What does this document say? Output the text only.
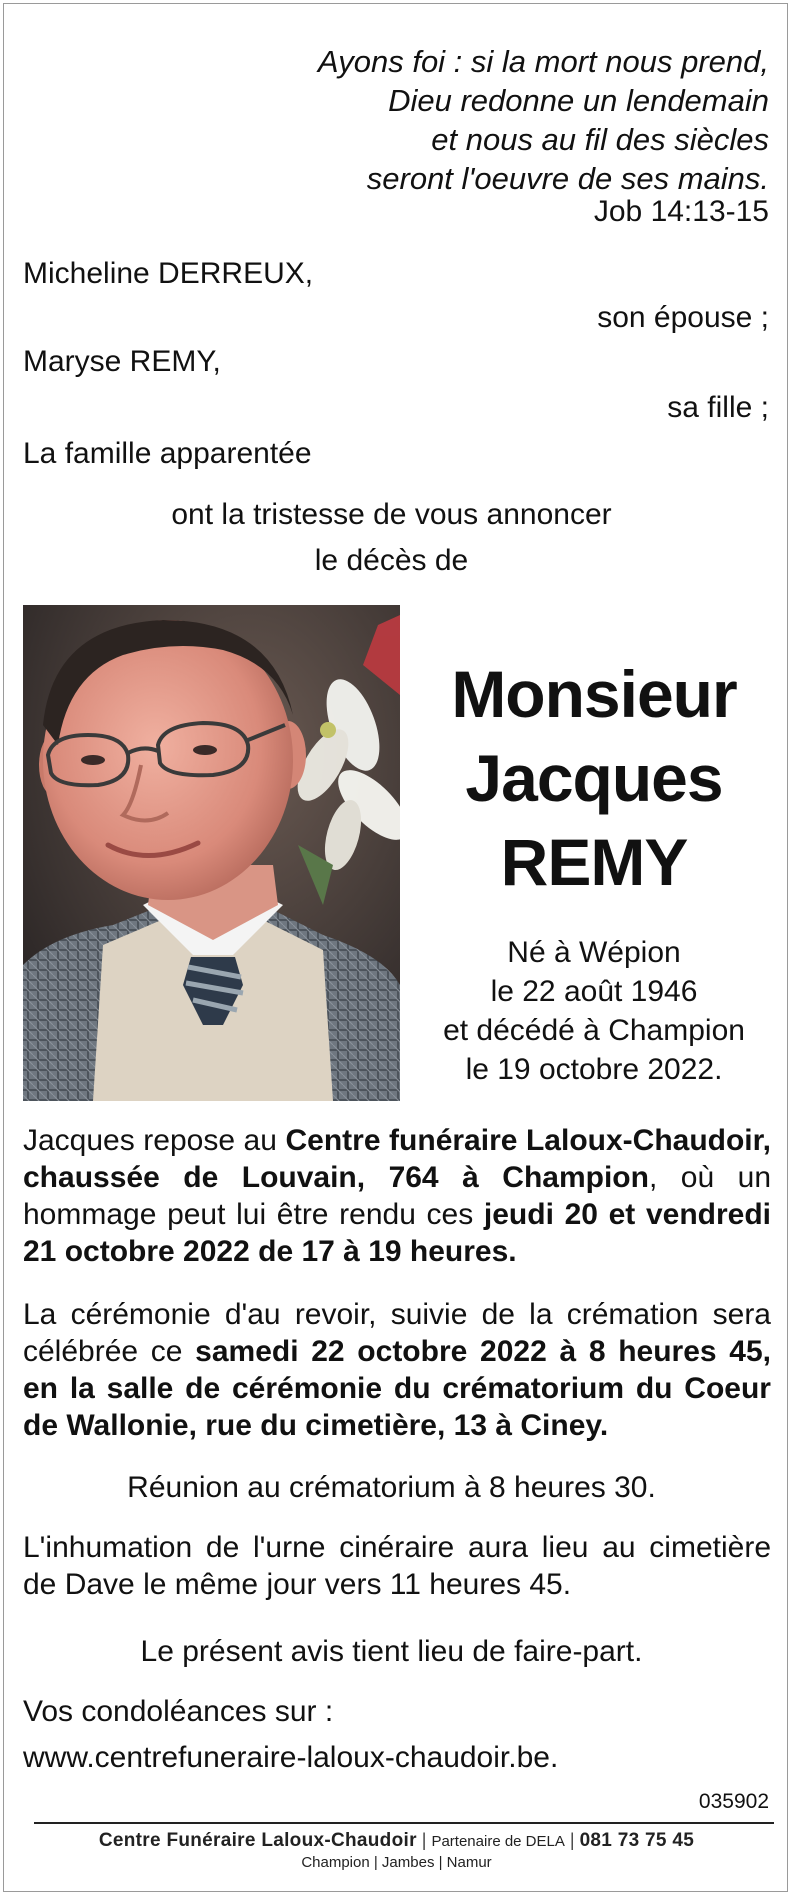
Ayons foi : si la mort nous prend,
Dieu redonne un lendemain
et nous au fil des siècles
seront l'oeuvre de ses mains.
Job 14:13-15
Micheline DERREUX,
son épouse ;
Maryse REMY,
sa fille ;
La famille apparentée
ont la tristesse de vous annoncer
le décès de
Monsieur
Jacques
REMY
Né à Wépion
le 22 août 1946
et décédé à Champion
le 19 octobre 2022.
Jacques repose au Centre funéraire Laloux-Chaudoir, chaussée de Louvain, 764 à Champion, où un hommage peut lui être rendu ces jeudi 20 et vendredi 21 octobre 2022 de 17 à 19 heures.
La cérémonie d'au revoir, suivie de la crémation sera célébrée ce samedi 22 octobre 2022 à 8 heures 45, en la salle de cérémonie du crématorium du Coeur de Wallonie, rue du cimetière, 13 à Ciney.
Réunion au crématorium à 8 heures 30.
L'inhumation de l'urne cinéraire aura lieu au cimetière de Dave le même jour vers 11 heures 45.
Le présent avis tient lieu de faire-part.
Vos condoléances sur :
www.centrefuneraire-laloux-chaudoir.be.
035902
Centre Funéraire Laloux-Chaudoir | Partenaire de DELA | 081 73 75 45
Champion | Jambes | Namur
